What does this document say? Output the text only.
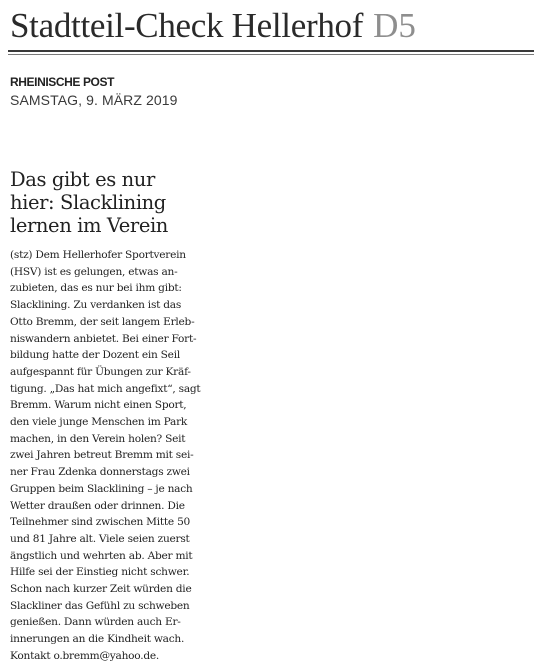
Stadtteil-Check Hellerhof D5
RHEINISCHE POST
SAMSTAG, 9. MÄRZ 2019
Das gibt es nur
hier: Slacklining
lernen im Verein
(stz) Dem Hellerhofer Sportverein
(HSV) ist es gelungen, etwas an-
zubieten, das es nur bei ihm gibt:
Slacklining. Zu verdanken ist das
Otto Bremm, der seit langem Erleb-
niswandern anbietet. Bei einer Fort-
bildung hatte der Dozent ein Seil
aufgespannt für Übungen zur Kräf-
tigung. „Das hat mich angefixt“, sagt
Bremm. Warum nicht einen Sport,
den viele junge Menschen im Park
machen, in den Verein holen? Seit
zwei Jahren betreut Bremm mit sei-
ner Frau Zdenka donnerstags zwei
Gruppen beim Slacklining – je nach
Wetter draußen oder drinnen. Die
Teilnehmer sind zwischen Mitte 50
und 81 Jahre alt. Viele seien zuerst
ängstlich und wehrten ab. Aber mit
Hilfe sei der Einstieg nicht schwer.
Schon nach kurzer Zeit würden die
Slackliner das Gefühl zu schweben
genießen. Dann würden auch Er-
innerungen an die Kindheit wach.
Kontakt o.bremm@yahoo.de.
